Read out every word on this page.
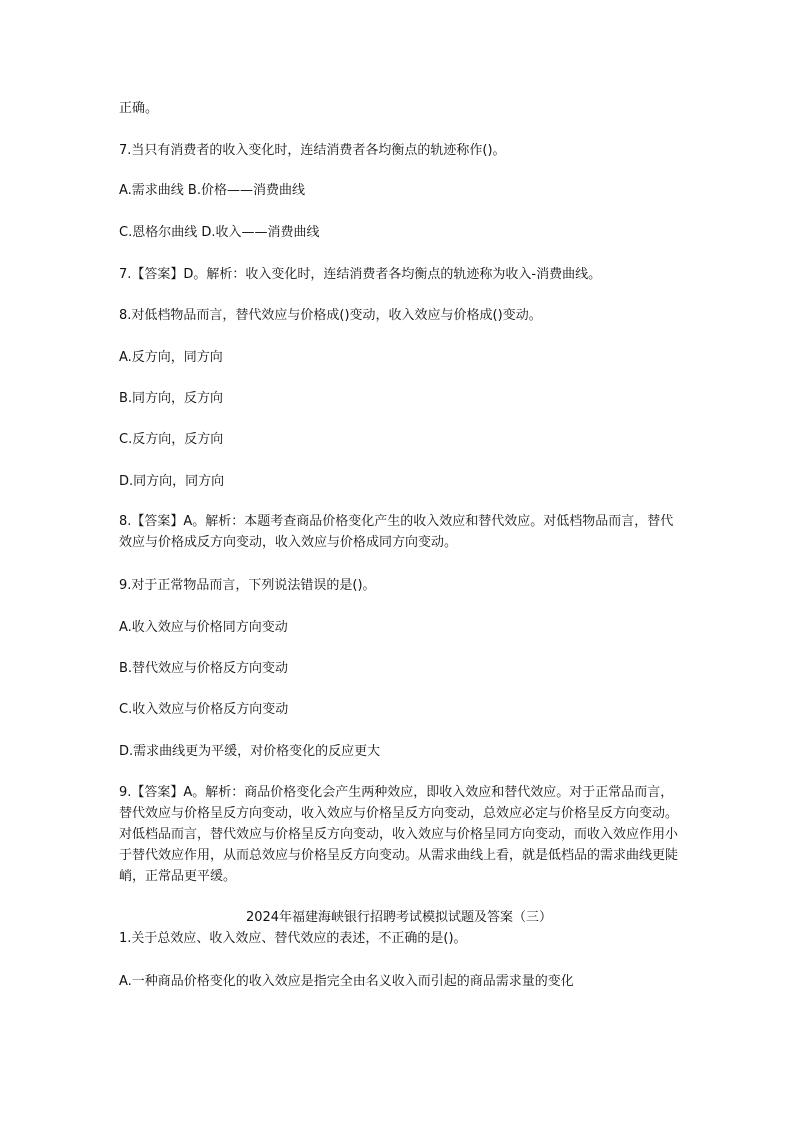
正确。

7.当只有消费者的收入变化时，连结消费者各均衡点的轨迹称作()。

A.需求曲线 B.价格——消费曲线

C.恩格尔曲线 D.收入——消费曲线

7.【答案】D。解析：收入变化时，连结消费者各均衡点的轨迹称为收入-消费曲线。

8.对低档物品而言，替代效应与价格成()变动，收入效应与价格成()变动。

A.反方向，同方向

B.同方向，反方向

C.反方向，反方向

D.同方向，同方向

8.【答案】A。解析：本题考查商品价格变化产生的收入效应和替代效应。对低档物品而言，替代效应与价格成反方向变动，收入效应与价格成同方向变动。

9.对于正常物品而言，下列说法错误的是()。

A.收入效应与价格同方向变动

B.替代效应与价格反方向变动

C.收入效应与价格反方向变动

D.需求曲线更为平缓，对价格变化的反应更大

9.【答案】A。解析：商品价格变化会产生两种效应，即收入效应和替代效应。对于正常品而言，替代效应与价格呈反方向变动，收入效应与价格呈反方向变动，总效应必定与价格呈反方向变动。对低档品而言，替代效应与价格呈反方向变动，收入效应与价格呈同方向变动，而收入效应作用小于替代效应作用，从而总效应与价格呈反方向变动。从需求曲线上看，就是低档品的需求曲线更陡峭，正常品更平缓。

2024年福建海峡银行招聘考试模拟试题及答案（三）

1.关于总效应、收入效应、替代效应的表述，不正确的是()。

A.一种商品价格变化的收入效应是指完全由名义收入而引起的商品需求量的变化
